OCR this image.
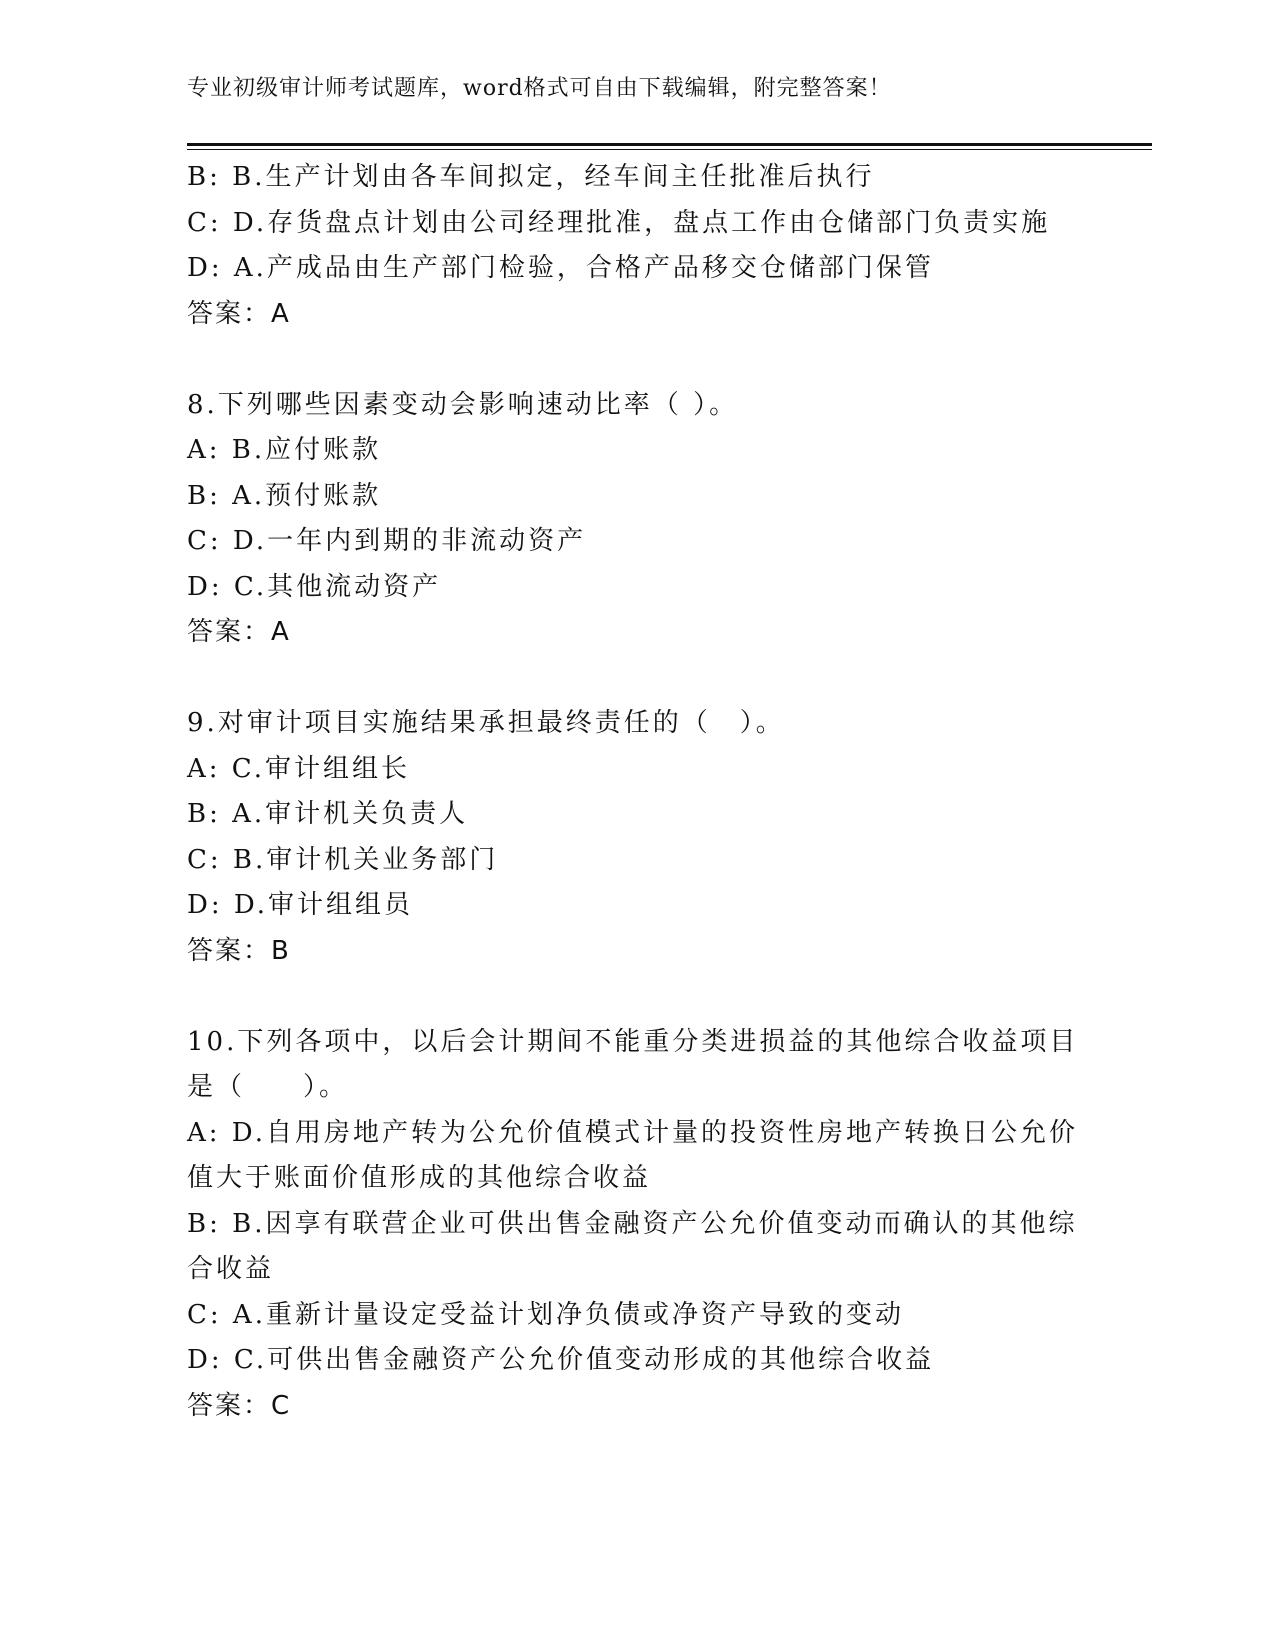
专业初级审计师考试题库，word格式可自由下载编辑，附完整答案！
B: B.生产计划由各车间拟定，经车间主任批准后执行
C: D.存货盘点计划由公司经理批准，盘点工作由仓储部门负责实施
D: A.产成品由生产部门检验，合格产品移交仓储部门保管
答案：A
8.下列哪些因素变动会影响速动比率（ ）。
A: B.应付账款
B: A.预付账款
C: D.一年内到期的非流动资产
D: C.其他流动资产
答案：A
9.对审计项目实施结果承担最终责任的（　）。
A: C.审计组组长
B: A.审计机关负责人
C: B.审计机关业务部门
D: D.审计组组员
答案：B
10.下列各项中，以后会计期间不能重分类进损益的其他综合收益项目是（　　）。
A: D.自用房地产转为公允价值模式计量的投资性房地产转换日公允价值大于账面价值形成的其他综合收益
B: B.因享有联营企业可供出售金融资产公允价值变动而确认的其他综合收益
C: A.重新计量设定受益计划净负债或净资产导致的变动
D: C.可供出售金融资产公允价值变动形成的其他综合收益
答案：C
